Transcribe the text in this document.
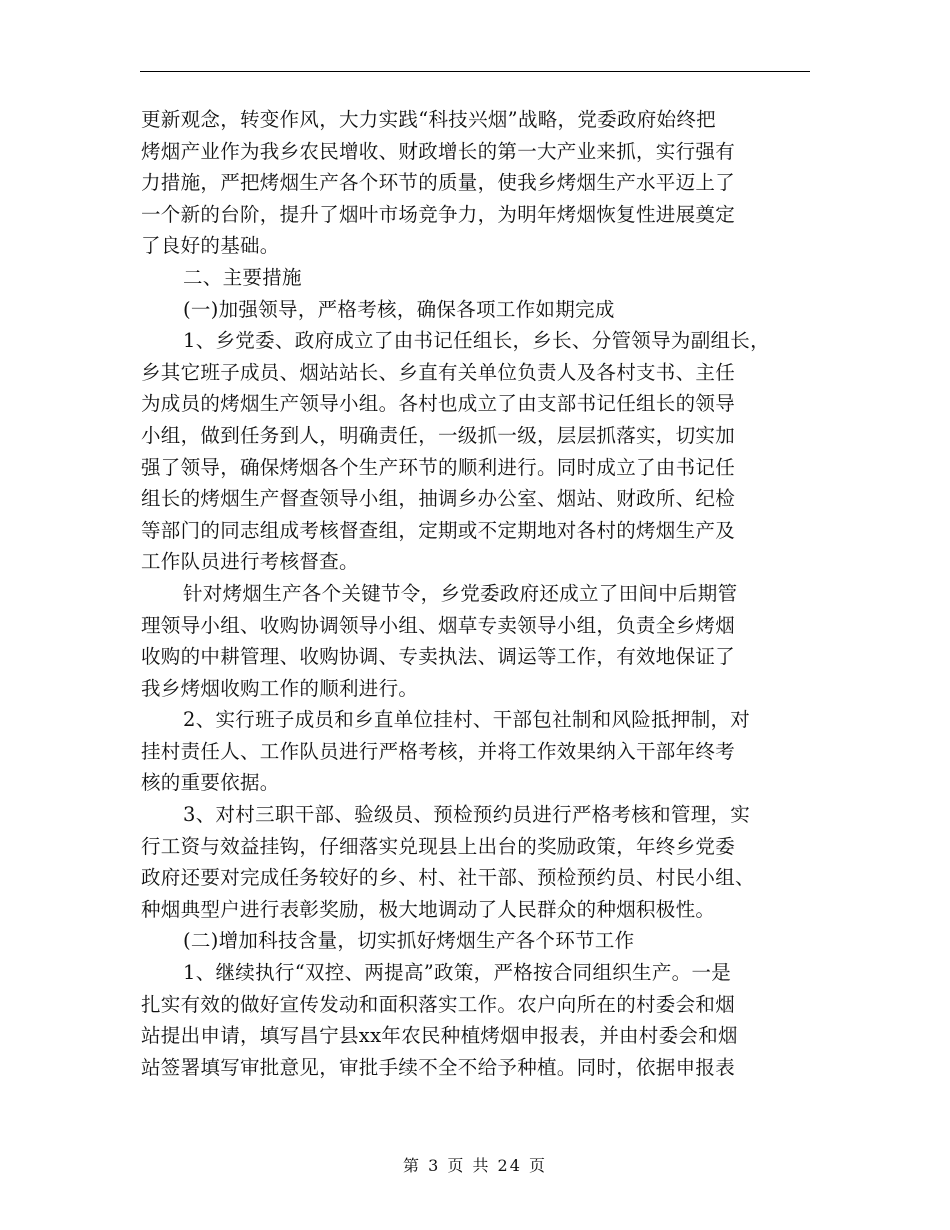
更新观念，转变作风，大力实践“科技兴烟”战略，党委政府始终把
烤烟产业作为我乡农民增收、财政增长的第一大产业来抓，实行强有
力措施，严把烤烟生产各个环节的质量，使我乡烤烟生产水平迈上了
一个新的台阶，提升了烟叶市场竞争力，为明年烤烟恢复性进展奠定
了良好的基础。
二、主要措施
(一)加强领导，严格考核，确保各项工作如期完成
1、乡党委、政府成立了由书记任组长，乡长、分管领导为副组长，
乡其它班子成员、烟站站长、乡直有关单位负责人及各村支书、主任
为成员的烤烟生产领导小组。各村也成立了由支部书记任组长的领导
小组，做到任务到人，明确责任，一级抓一级，层层抓落实，切实加
强了领导，确保烤烟各个生产环节的顺利进行。同时成立了由书记任
组长的烤烟生产督查领导小组，抽调乡办公室、烟站、财政所、纪检
等部门的同志组成考核督查组，定期或不定期地对各村的烤烟生产及
工作队员进行考核督查。
针对烤烟生产各个关键节令，乡党委政府还成立了田间中后期管
理领导小组、收购协调领导小组、烟草专卖领导小组，负责全乡烤烟
收购的中耕管理、收购协调、专卖执法、调运等工作，有效地保证了
我乡烤烟收购工作的顺利进行。
2、实行班子成员和乡直单位挂村、干部包社制和风险抵押制，对
挂村责任人、工作队员进行严格考核，并将工作效果纳入干部年终考
核的重要依据。
3、对村三职干部、验级员、预检预约员进行严格考核和管理，实
行工资与效益挂钩，仔细落实兑现县上出台的奖励政策，年终乡党委
政府还要对完成任务较好的乡、村、社干部、预检预约员、村民小组、
种烟典型户进行表彰奖励，极大地调动了人民群众的种烟积极性。
(二)增加科技含量，切实抓好烤烟生产各个环节工作
1、继续执行“双控、两提高”政策，严格按合同组织生产。一是
扎实有效的做好宣传发动和面积落实工作。农户向所在的村委会和烟
站提出申请，填写昌宁县xx年农民种植烤烟申报表，并由村委会和烟
站签署填写审批意见，审批手续不全不给予种植。同时，依据申报表
第 3 页 共 24 页
